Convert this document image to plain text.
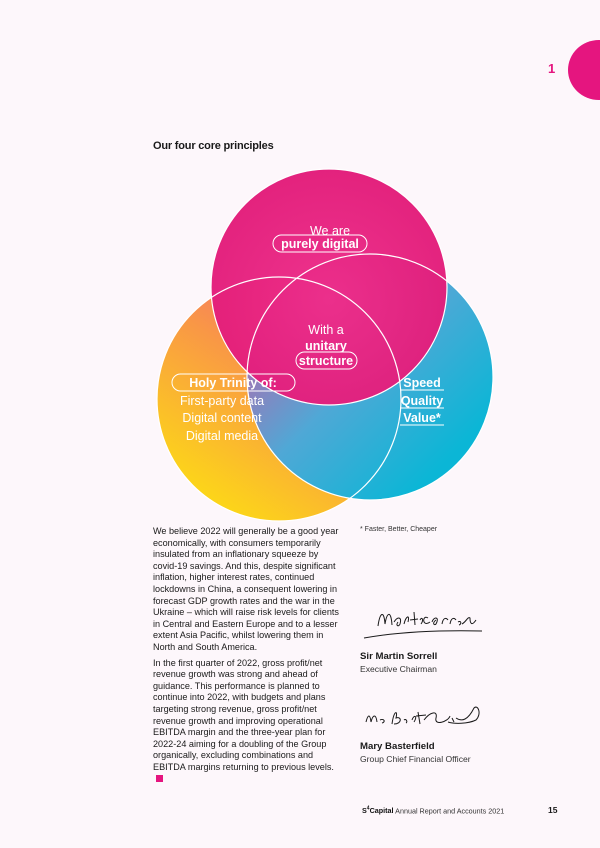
1
Our four core principles
We are
purely digital
With a
unitary
structure
Holy Trinity of:
First-party data
Digital content
Digital media
Speed
Quality
Value*

We believe 2022 will generally be a good year economically, with consumers temporarily insulated from an inflationary squeeze by covid-19 savings. And this, despite significant inflation, higher interest rates, continued lockdowns in China, a consequent lowering in forecast GDP growth rates and the war in the Ukraine – which will raise risk levels for clients in Central and Eastern Europe and to a lesser extent Asia Pacific, whilst lowering them in North and South America.

In the first quarter of 2022, gross profit/net revenue growth was strong and ahead of guidance. This performance is planned to continue into 2022, with budgets and plans targeting strong revenue, gross profit/net revenue growth and improving operational EBITDA margin and the three-year plan for 2022-24 aiming for a doubling of the Group organically, excluding combinations and EBITDA margins returning to previous levels.

* Faster, Better, Cheaper
Sir Martin Sorrell
Executive Chairman
Mary Basterfield
Group Chief Financial Officer
$S^4Capital$ Annual Report and Accounts 2021	15
